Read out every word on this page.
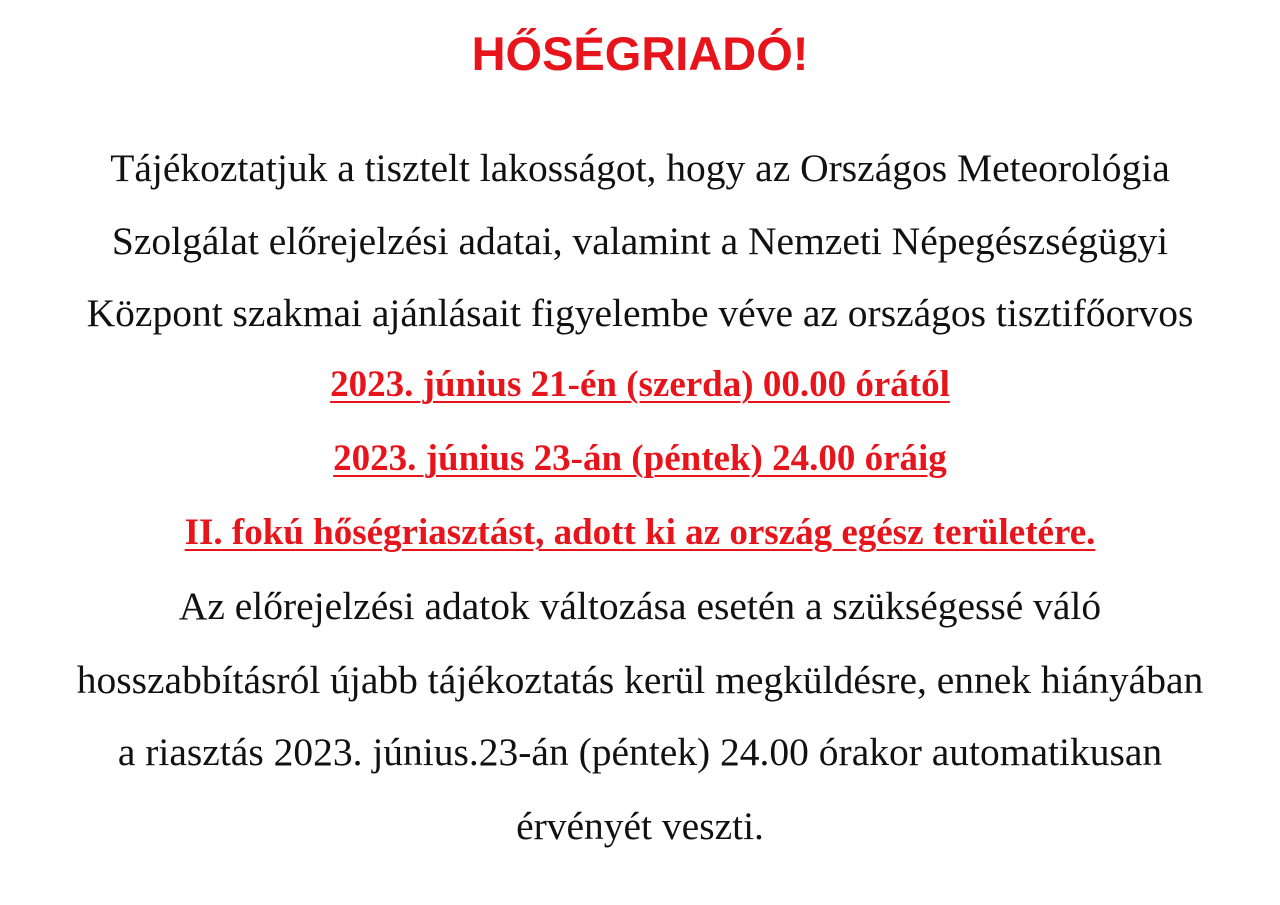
HŐSÉGRIADÓ!

Tájékoztatjuk a tisztelt lakosságot, hogy az Országos Meteorológia

Szolgálat előrejelzési adatai, valamint a Nemzeti Népegészségügyi

Központ szakmai ajánlásait figyelembe véve az országos tisztifőorvos

2023. június 21-én (szerda) 00.00 órától

2023. június 23-án (péntek) 24.00 óráig

II. fokú hőségriasztást, adott ki az ország egész területére.

Az előrejelzési adatok változása esetén a szükségessé váló

hosszabbításról újabb tájékoztatás kerül megküldésre, ennek hiányában

a riasztás 2023. június.23-án (péntek) 24.00 órakor automatikusan

érvényét veszti.
